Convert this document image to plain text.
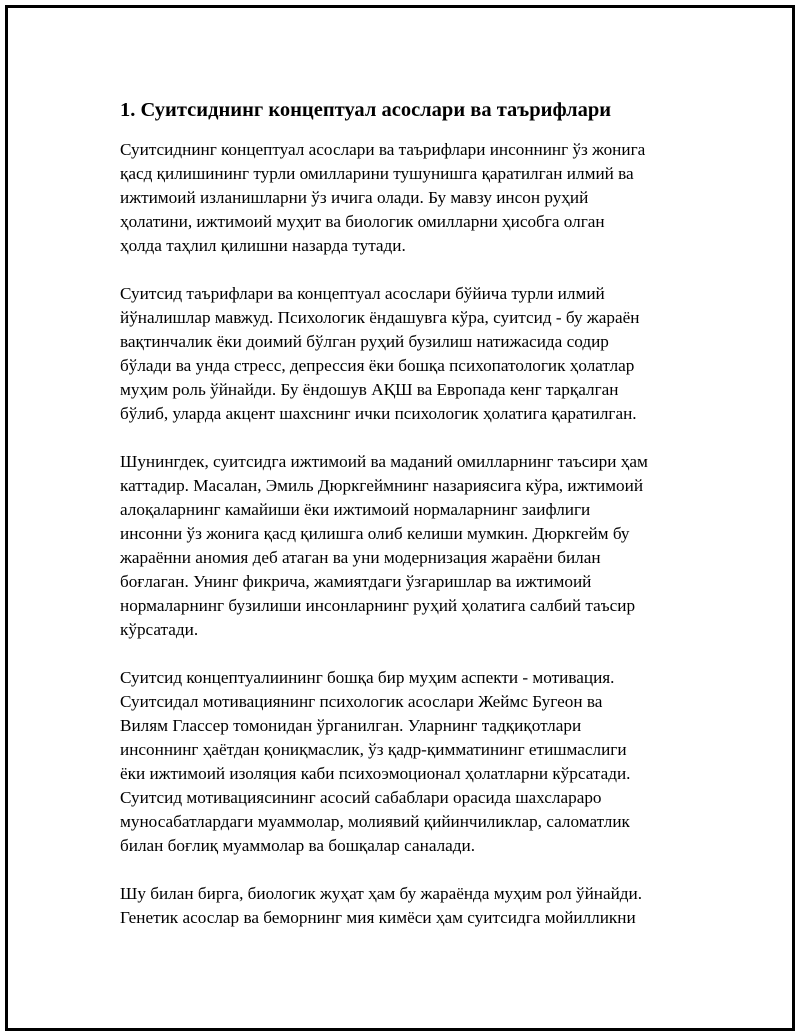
1. Суитсиднинг концептуал асослари ва таърифлари

Суитсиднинг концептуал асослари ва таърифлари инсоннинг ўз жонига
қасд қилишининг турли омилларини тушунишга қаратилган илмий ва
ижтимоий изланишларни ўз ичига олади. Бу мавзу инсон руҳий
ҳолатини, ижтимоий муҳит ва биологик омилларни ҳисобга олган
ҳолда таҳлил қилишни назарда тутади.

Суитсид таърифлари ва концептуал асослари бўйича турли илмий
йўналишлар мавжуд. Психологик ёндашувга кўра, суитсид - бу жараён
вақтинчалик ёки доимий бўлган руҳий бузилиш натижасида содир
бўлади ва унда стресс, депрессия ёки бошқа психопатологик ҳолатлар
муҳим роль ўйнайди. Бу ёндошув АҚШ ва Европада кенг тарқалган
бўлиб, уларда акцент шахснинг ички психологик ҳолатига қаратилган.

Шунингдек, суитсидга ижтимоий ва маданий омилларнинг таъсири ҳам
каттадир. Масалан, Эмиль Дюркгеймнинг назариясига кўра, ижтимоий
алоқаларнинг камайиши ёки ижтимоий нормаларнинг заифлиги
инсонни ўз жонига қасд қилишга олиб келиши мумкин. Дюркгейм бу
жараённи аномия деб атаган ва уни модернизация жараёни билан
боғлаган. Унинг фикрича, жамиятдаги ўзгаришлар ва ижтимоий
нормаларнинг бузилиши инсонларнинг руҳий ҳолатига салбий таъсир
кўрсатади.

Суитсид концептуалиининг бошқа бир муҳим аспекти - мотивация.
Суитсидал мотивациянинг психологик асослари Жеймс Бугеон ва
Вилям Глассер томонидан ўрганилган. Уларнинг тадқиқотлари
инсоннинг ҳаётдан қониқмаслик, ўз қадр-қимматининг етишмаслиги
ёки ижтимоий изоляция каби психоэмоционал ҳолатларни кўрсатади.
Суитсид мотивациясининг асосий сабаблари орасида шахслараро
муносабатлардаги муаммолар, молиявий қийинчиликлар, саломатлик
билан боғлиқ муаммолар ва бошқалар саналади.

Шу билан бирга, биологик жуҳат ҳам бу жараёнда муҳим рол ўйнайди.
Генетик асослар ва беморнинг мия кимёси ҳам суитсидга мойилликни
